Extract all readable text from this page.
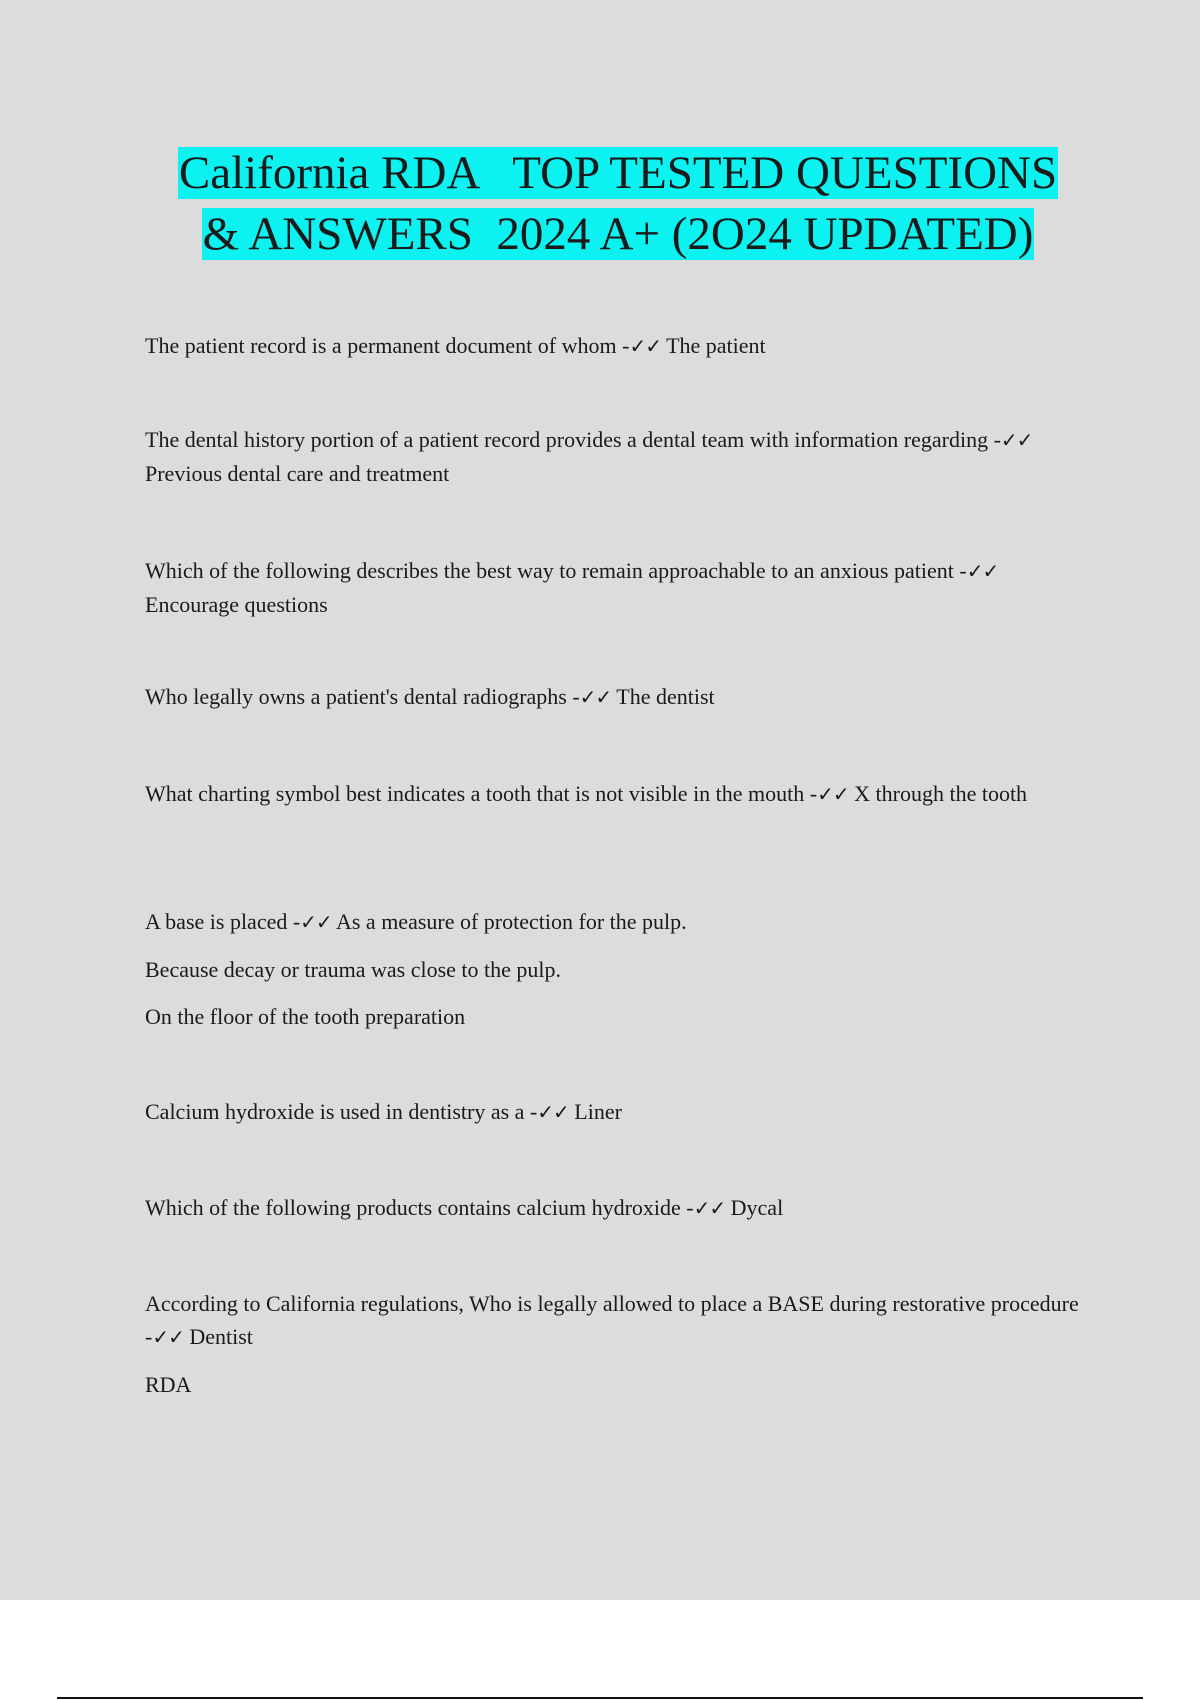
California RDA   TOP TESTED QUESTIONS
& ANSWERS  2024 A+ (2O24 UPDATED)

The patient record is a permanent document of whom -✓✓ The patient

The dental history portion of a patient record provides a dental team with information regarding -✓✓ Previous dental care and treatment

Which of the following describes the best way to remain approachable to an anxious patient -✓✓ Encourage questions

Who legally owns a patient's dental radiographs -✓✓ The dentist

What charting symbol best indicates a tooth that is not visible in the mouth -✓✓ X through the tooth

A base is placed -✓✓ As a measure of protection for the pulp.

Because decay or trauma was close to the pulp.

On the floor of the tooth preparation

Calcium hydroxide is used in dentistry as a -✓✓ Liner

Which of the following products contains calcium hydroxide -✓✓ Dycal

According to California regulations, Who is legally allowed to place a BASE during restorative procedure -✓✓ Dentist

RDA
